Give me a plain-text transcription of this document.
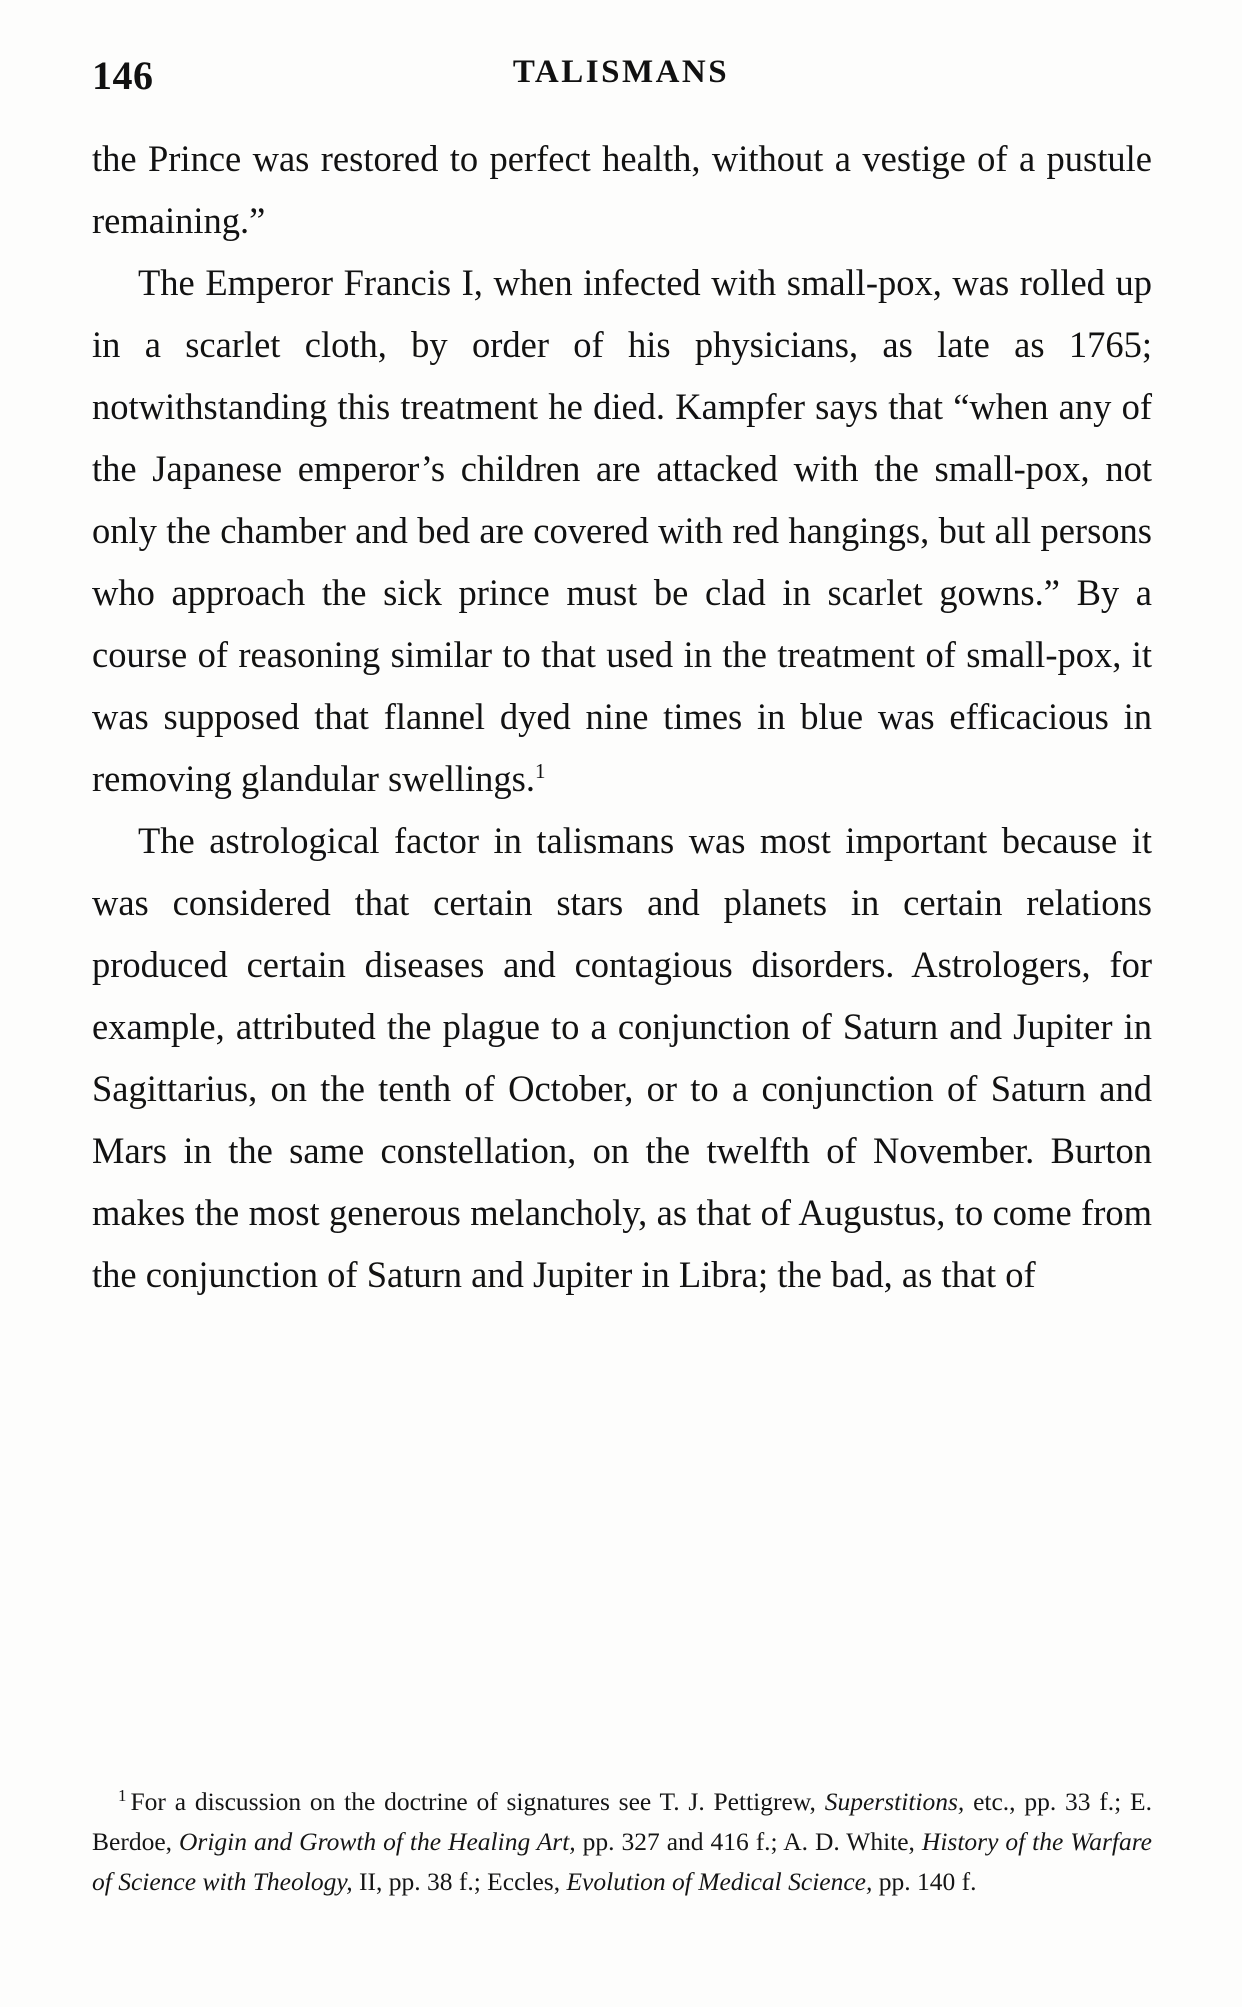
146	TALISMANS

the Prince was restored to perfect health, without a vestige of a pustule remaining.”

The Emperor Francis I, when infected with small-pox, was rolled up in a scarlet cloth, by order of his physicians, as late as 1765; notwithstanding this treatment he died. Kampfer says that “when any of the Japanese emperor’s children are attacked with the small-pox, not only the chamber and bed are covered with red hangings, but all persons who approach the sick prince must be clad in scarlet gowns.” By a course of reasoning similar to that used in the treatment of small-pox, it was supposed that flannel dyed nine times in blue was efficacious in removing glandular swellings.$^1$

The astrological factor in talismans was most important because it was considered that certain stars and planets in certain relations produced certain diseases and contagious disorders. Astrologers, for example, attributed the plague to a conjunction of Saturn and Jupiter in Sagittarius, on the tenth of October, or to a conjunction of Saturn and Mars in the same constellation, on the twelfth of November. Burton makes the most generous melancholy, as that of Augustus, to come from the conjunction of Saturn and Jupiter in Libra; the bad, as that of

$^1$ For a discussion on the doctrine of signatures see T. J. Pettigrew, Superstitions, etc., pp. 33 f.; E. Berdoe, Origin and Growth of the Healing Art, pp. 327 and 416 f.; A. D. White, History of the Warfare of Science with Theology, II, pp. 38 f.; Eccles, Evolution of Medical Science, pp. 140 f.
